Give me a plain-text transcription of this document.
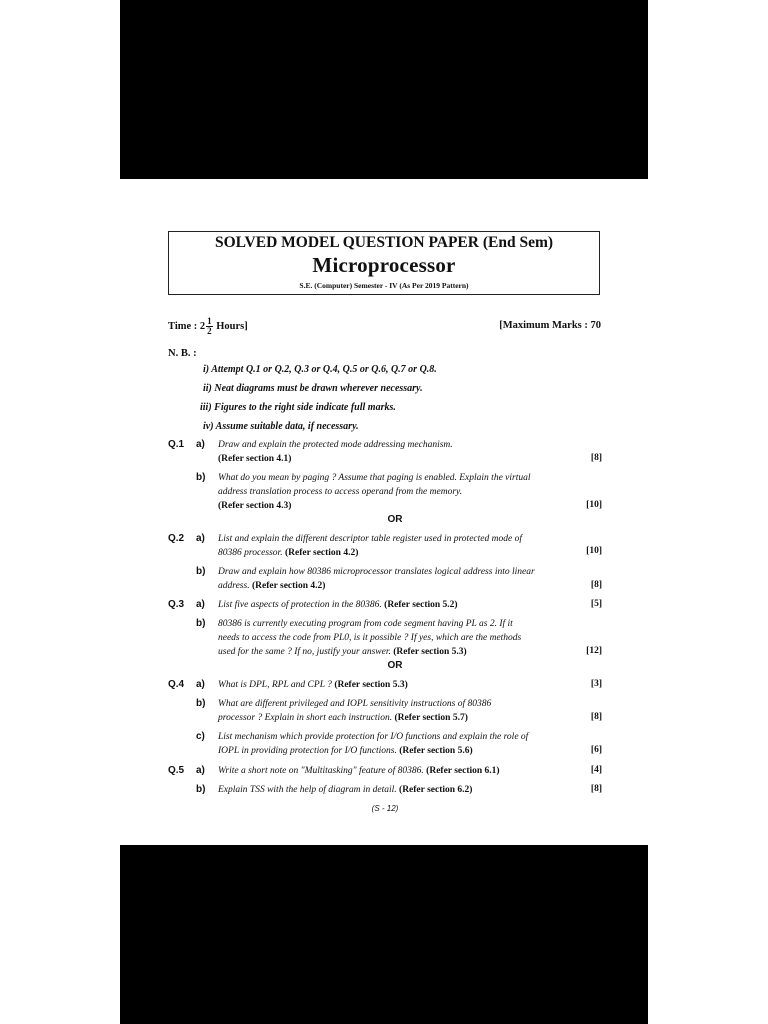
SOLVED MODEL QUESTION PAPER (End Sem)
Microprocessor
S.E. (Computer) Semester - IV (As Per 2019 Pattern)
Time : $2 \frac{1}{2}$ Hours]	[Maximum Marks : 70
N. B. :
i) Attempt Q.1 or Q.2, Q.3 or Q.4, Q.5 or Q.6, Q.7 or Q.8.
ii) Neat diagrams must be drawn wherever necessary.
iii) Figures to the right side indicate full marks.
iv) Assume suitable data, if necessary.
Q.1 a) Draw and explain the protected mode addressing mechanism.
(Refer section 4.1)	[8]
b) What do you mean by paging ? Assume that paging is enabled. Explain the virtual
address translation process to access operand from the memory.
(Refer section 4.3)	[10]
OR
Q.2 a) List and explain the different descriptor table register used in protected mode of
80386 processor. (Refer section 4.2)	[10]
b) Draw and explain how 80386 microprocessor translates logical address into linear
address. (Refer section 4.2)	[8]
Q.3 a) List five aspects of protection in the 80386. (Refer section 5.2)	[5]
b) 80386 is currently executing program from code segment having PL as 2. If it
needs to access the code from PL0, is it possible ? If yes, which are the methods
used for the same ? If no, justify your answer. (Refer section 5.3)	[12]
OR
Q.4 a) What is DPL, RPL and CPL ? (Refer section 5.3)	[3]
b) What are different privileged and IOPL sensitivity instructions of 80386
processor ? Explain in short each instruction. (Refer section 5.7)	[8]
c) List mechanism which provide protection for I/O functions and explain the role of
IOPL in providing protection for I/O functions. (Refer section 5.6)	[6]
Q.5 a) Write a short note on "Multitasking" feature of 80386. (Refer section 6.1)	[4]
b) Explain TSS with the help of diagram in detail. (Refer section 6.2)	[8]
(S - 12)
